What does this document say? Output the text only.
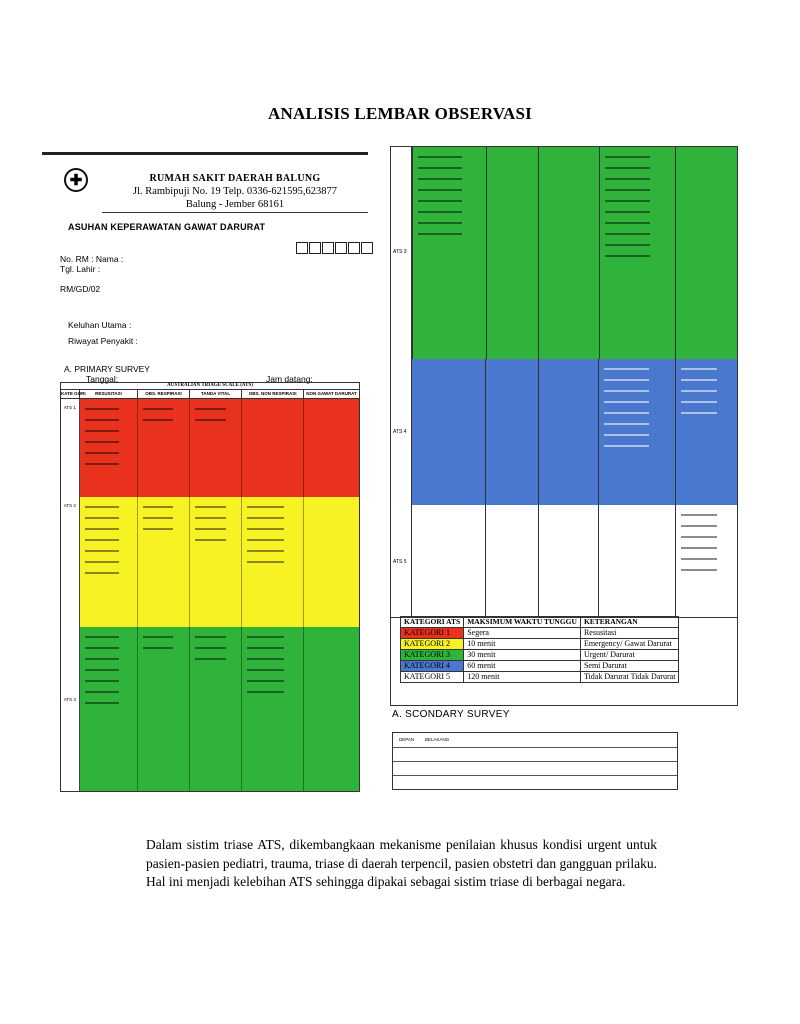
ANALISIS LEMBAR OBSERVASI
✚	RUMAH SAKIT DAERAH BALUNG
Jl. Rambipuji No. 19 Telp. 0336-621595,623877
Balung - Jember 68161
ASUHAN KEPERAWATAN GAWAT DARURAT
No. RM : Nama :
Tgl. Lahir :
RM/GD/02
Keluhan Utama :
Riwayat Penyakit :
A. PRIMARY SURVEY
Tanggal:	Jam datang:
AUSTRALIAN TRIAGE SCALE (ATS)
KATE GORI	RESUSITASI	OBS. RESPIRASI	TANDA VITAL	OBS. NON RESPIRASI	NON GAWAT DARURAT
ATS 1
ATS 2
ATS 3
ATS 3
ATS 4
ATS 5
KATEGORI ATS	MAKSIMUM WAKTU TUNGGU	KETERANGAN
KATEGORI 1	Segera	Resusitasi
KATEGORI 2	10 menit	Emergency/ Gawat Darurat
KATEGORI 3	30 menit	Urgent/ Darurat
KATEGORI 4	60 menit	Semi Darurat
KATEGORI 5	120 menit	Tidak Darurat Tidak Darurat
A. SCONDARY SURVEY
DEPAN BELAKANG

Dalam sistim triase ATS, dikembangkaan mekanisme penilaian khusus kondisi urgent untuk pasien-pasien pediatri, trauma, triase di daerah terpencil, pasien obstetri dan gangguan prilaku. Hal ini menjadi kelebihan ATS sehingga dipakai sebagai sistim triase di berbagai negara.
